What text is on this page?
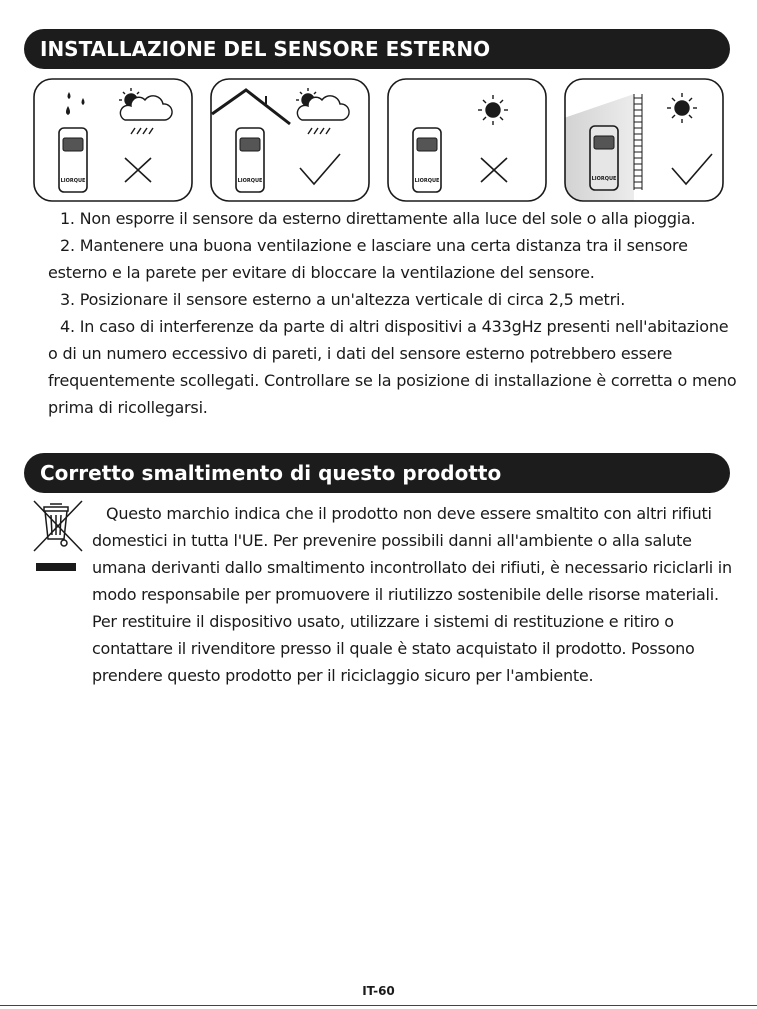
INSTALLAZIONE DEL SENSORE ESTERNO
LIORQUE	LIORQUE	LIORQUE	LIORQUE

1. Non esporre il sensore da esterno direttamente alla luce del sole o alla pioggia.

2. Mantenere una buona ventilazione e lasciare una certa distanza tra il sensore esterno e la parete per evitare di bloccare la ventilazione del sensore.

3. Posizionare il sensore esterno a un'altezza verticale di circa 2,5 metri.

4. In caso di interferenze da parte di altri dispositivi a 433gHz presenti nell'abitazione o di un numero eccessivo di pareti, i dati del sensore esterno potrebbero essere frequentemente scollegati. Controllare se la posizione di installazione è corretta o meno prima di ricollegarsi.

Corretto smaltimento di questo prodotto

Questo marchio indica che il prodotto non deve essere smaltito con altri rifiuti domestici in tutta l'UE. Per prevenire possibili danni all'ambiente o alla salute umana derivanti dallo smaltimento incontrollato dei rifiuti, è necessario riciclarli in modo responsabile per promuovere il riutilizzo sostenibile delle risorse materiali. Per restituire il dispositivo usato, utilizzare i sistemi di restituzione e ritiro o contattare il rivenditore presso il quale è stato acquistato il prodotto. Possono prendere questo prodotto per il riciclaggio sicuro per l'ambiente.

IT-60
